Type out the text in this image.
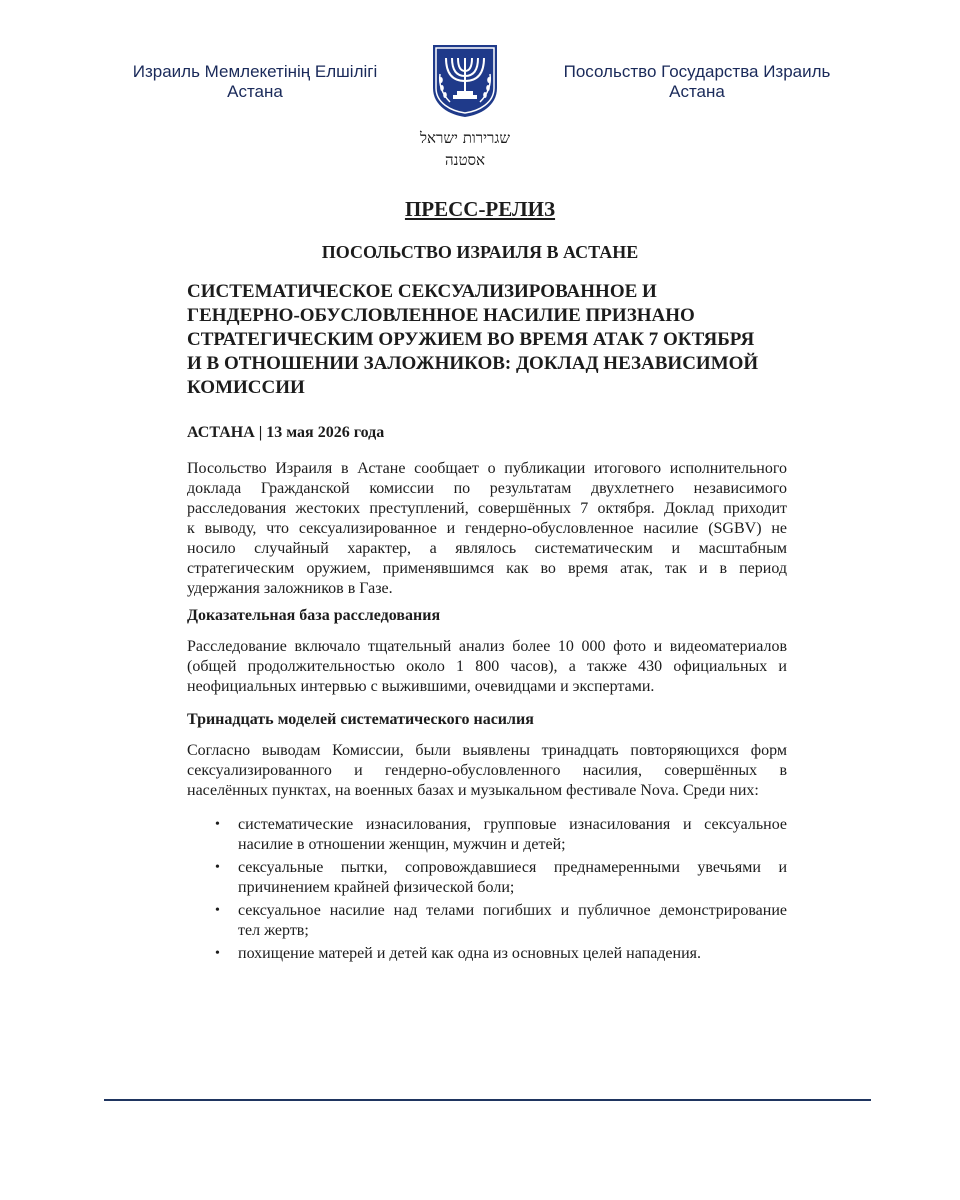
Израиль Мемлекетінің Елшілігі
Астана
Посольство Государства Израиль
Астана
שגרירות ישראל
אסטנה
ПРЕСС-РЕЛИЗ
ПОСОЛЬСТВО ИЗРАИЛЯ В АСТАНЕ
СИСТЕМАТИЧЕСКОЕ СЕКСУАЛИЗИРОВАННОЕ И
ГЕНДЕРНО-ОБУСЛОВЛЕННОЕ НАСИЛИЕ ПРИЗНАНО
СТРАТЕГИЧЕСКИМ ОРУЖИЕМ ВО ВРЕМЯ АТАК 7 ОКТЯБРЯ
И В ОТНОШЕНИИ ЗАЛОЖНИКОВ: ДОКЛАД НЕЗАВИСИМОЙ
КОМИССИИ
АСТАНА | 13 мая 2026 года
Посольство Израиля в Астане сообщает о публикации итогового исполнительного
доклада Гражданской комиссии по результатам двухлетнего независимого
расследования жестоких преступлений, совершённых 7 октября. Доклад приходит
к выводу, что сексуализированное и гендерно-обусловленное насилие (SGBV) не
носило случайный характер, а являлось систематическим и масштабным
стратегическим оружием, применявшимся как во время атак, так и в период
удержания заложников в Газе.
Доказательная база расследования
Расследование включало тщательный анализ более 10 000 фото и видеоматериалов
(общей продолжительностью около 1 800 часов), а также 430 официальных и
неофициальных интервью с выжившими, очевидцами и экспертами.
Тринадцать моделей систематического насилия
Согласно выводам Комиссии, были выявлены тринадцать повторяющихся форм
сексуализированного и гендерно-обусловленного насилия, совершённых в
населённых пунктах, на военных базах и музыкальном фестивале Nova. Среди них:
• систематические изнасилования, групповые изнасилования и сексуальное
насилие в отношении женщин, мужчин и детей;
• сексуальные пытки, сопровождавшиеся преднамеренными увечьями и
причинением крайней физической боли;
• сексуальное насилие над телами погибших и публичное демонстрирование
тел жертв;
• похищение матерей и детей как одна из основных целей нападения.
